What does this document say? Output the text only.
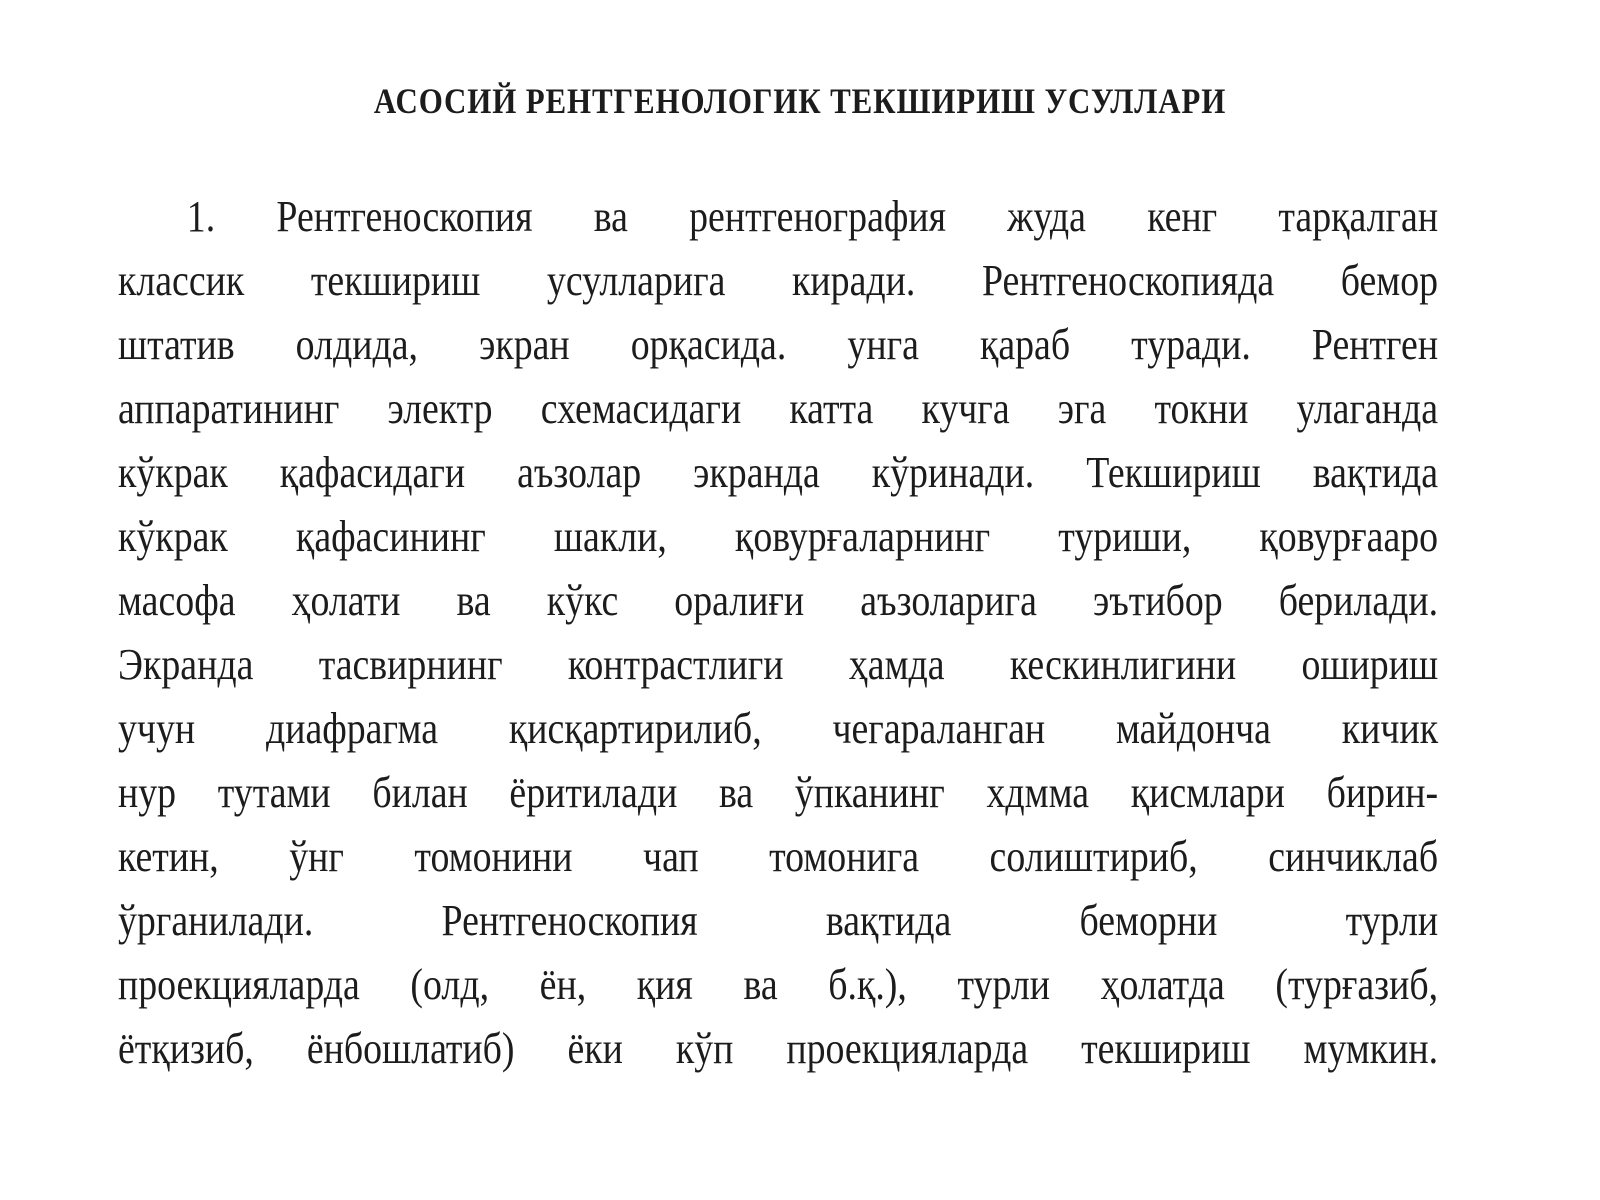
АСОСИЙ РЕНТГЕНОЛОГИК ТЕКШИРИШ УСУЛЛАРИ
1. Рентгеноскопия ва рентгенография жуда кенг тарқалган
классик текшириш усулларига киради. Рентгеноскопияда бемор
штатив олдида, экран орқасида. унга қараб туради. Рентген
аппаратининг электр схемасидаги катта кучга эга токни улаганда
кўкрак қафасидаги аъзолар экранда кўринади. Текшириш вақтида
кўкрак қафасининг шакли, қовурғаларнинг туриши, қовурғааро
масофа ҳолати ва кўкс оралиғи аъзоларига эътибор берилади.
Экранда тасвирнинг контрастлиги ҳамда кескинлигини ошириш
учун диафрагма қисқартирилиб, чегараланган майдонча кичик
нур тутами билан ёритилади ва ўпканинг хдмма қисмлари бирин-
кетин, ўнг томонини чап томонига солиштириб, синчиклаб
ўрганилади. Рентгеноскопия вақтида беморни турли
проекцияларда (олд, ён, қия ва б.қ.), турли ҳолатда (турғазиб,
ётқизиб, ёнбошлатиб) ёки кўп проекцияларда текшириш мумкин.
